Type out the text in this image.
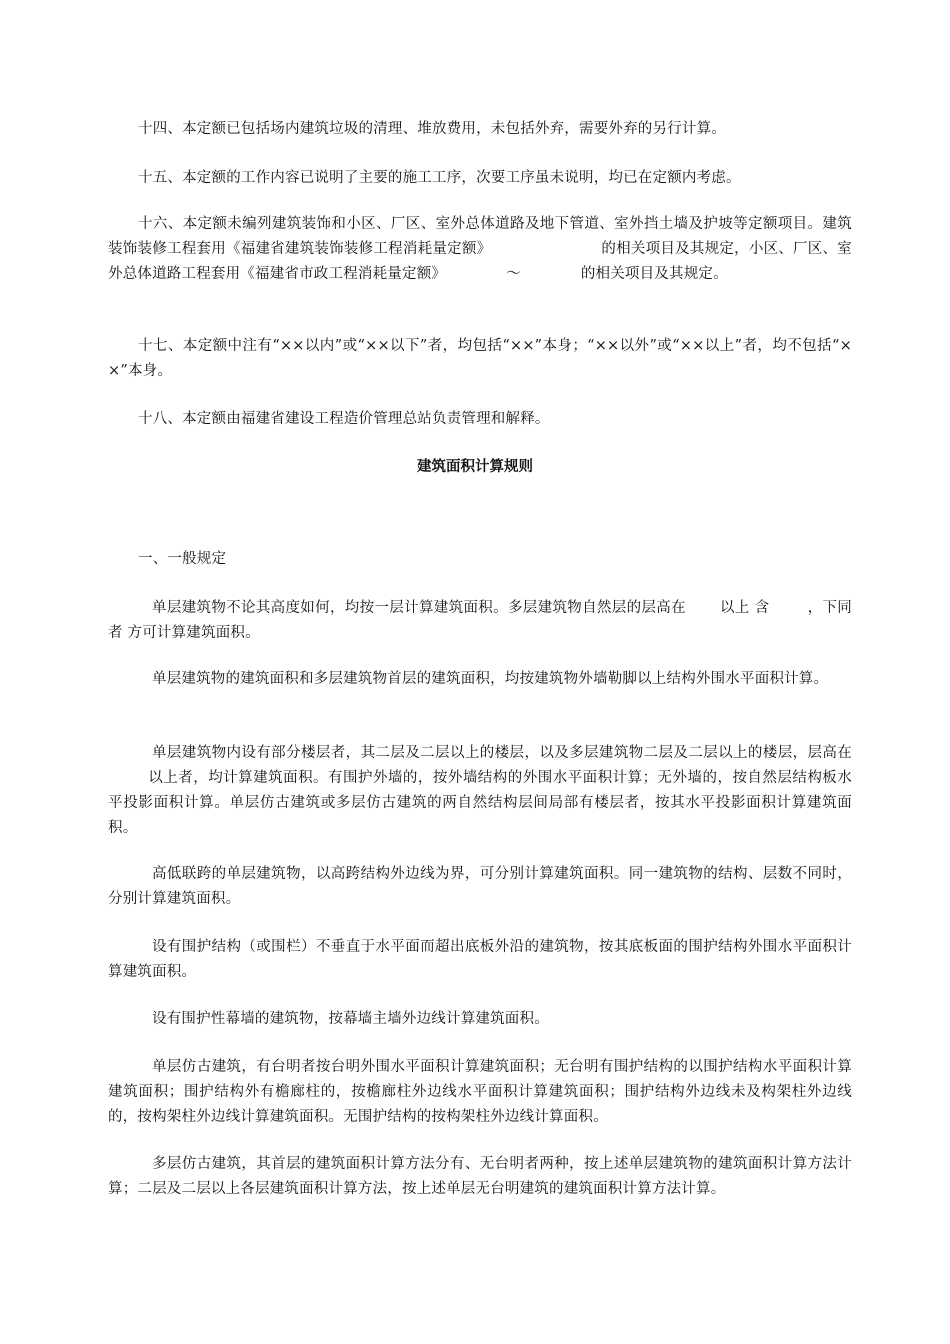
十四、本定额已包括场内建筑垃圾的清理、堆放费用，未包括外弃，需要外弃的另行计算。

十五、本定额的工作内容已说明了主要的施工工序，次要工序虽未说明，均已在定额内考虑。

十六、本定额未编列建筑装饰和小区、厂区、室外总体道路及地下管道、室外挡土墙及护坡等定额项目。建筑装饰装修工程套用《福建省建筑装饰装修工程消耗量定额》	的相关项目及其规定，小区、厂区、室外总体道路工程套用《福建省市政工程消耗量定额》	～	的相关项目及其规定。

十七、本定额中注有“××以内”或“××以下”者，均包括“××”本身；“××以外”或“××以上”者，均不包括“××”本身。

十八、本定额由福建省建设工程造价管理总站负责管理和解释。

建筑面积计算规则

一、一般规定

单层建筑物不论其高度如何，均按一层计算建筑面积。多层建筑物自然层的层高在 以上 含	，下同 者 方可计算建筑面积。

单层建筑物的建筑面积和多层建筑物首层的建筑面积，均按建筑物外墙勒脚以上结构外围水平面积计算。

单层建筑物内设有部分楼层者，其二层及二层以上的楼层，以及多层建筑物二层及二层以上的楼层，层高在以上者，均计算建筑面积。有围护外墙的，按外墙结构的外围水平面积计算；无外墙的，按自然层结构板水平投影面积计算。单层仿古建筑或多层仿古建筑的两自然结构层间局部有楼层者，按其水平投影面积计算建筑面积。

高低联跨的单层建筑物，以高跨结构外边线为界，可分别计算建筑面积。同一建筑物的结构、层数不同时，分别计算建筑面积。

设有围护结构（或围栏）不垂直于水平面而超出底板外沿的建筑物，按其底板面的围护结构外围水平面积计算建筑面积。

设有围护性幕墙的建筑物，按幕墙主墙外边线计算建筑面积。

单层仿古建筑，有台明者按台明外围水平面积计算建筑面积；无台明有围护结构的以围护结构水平面积计算建筑面积；围护结构外有檐廊柱的，按檐廊柱外边线水平面积计算建筑面积；围护结构外边线未及构架柱外边线的，按构架柱外边线计算建筑面积。无围护结构的按构架柱外边线计算面积。

多层仿古建筑，其首层的建筑面积计算方法分有、无台明者两种，按上述单层建筑物的建筑面积计算方法计算；二层及二层以上各层建筑面积计算方法，按上述单层无台明建筑的建筑面积计算方法计算。
